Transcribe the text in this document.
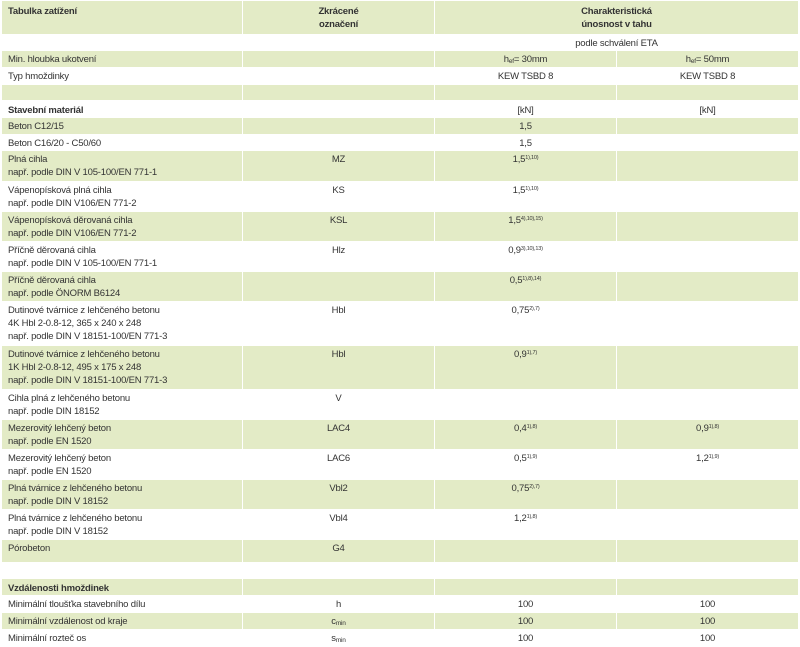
Tabulka zatížení	Zkrácené
označení	Charakteristická
únosnost v tahu	
		podle schválení ETA	
Min. hloubka ukotvení		$h_{ef}= 30mm$	$h_{ef}= 50mm$
Typ hmoždinky		KEW TSBD 8	KEW TSBD 8

Stavební materiál		[kN]	[kN]
Beton C12/15		1,5	
Beton C16/20 - C50/60		1,5	
Plná cihla
např. podle DIN V 105-100/EN 771-1	MZ	$1,5^{1),10)}$	
Vápenopísková plná cihla
např. podle DIN V106/EN 771-2	KS	$1,5^{1),10)}$	
Vápenopísková děrovaná cihla
např. podle DIN V106/EN 771-2	KSL	$1,5^{4),10),15)}$	
Příčně děrovaná cihla
např. podle DIN V 105-100/EN 771-1	Hlz	$0,9^{3),10),13)}$	
Příčně děrovaná cihla
např. podle ÖNORM B6124		$0,5^{1),8),14)}$	
Dutinové tvárnice z lehčeného betonu
4K Hbl 2-0.8-12, 365 x 240 x 248
např. podle DIN V 18151-100/EN 771-3	Hbl	$0,75^{2),7)}$	
Dutinové tvárnice z lehčeného betonu
1K Hbl 2-0.8-12, 495 x 175 x 248
např. podle DIN V 18151-100/EN 771-3	Hbl	$0,9^{1),7)}$	
Cihla plná z lehčeného betonu
např. podle DIN 18152	V		
Mezerovitý lehčený beton
např. podle EN 1520	LAC4	$0,4^{1),8)}$	$0,9^{1),8)}$
Mezerovitý lehčený beton
např. podle EN 1520	LAC6	$0,5^{1),9)}$	$1,2^{1),9)}$
Plná tvárnice z lehčeného betonu
např. podle DIN V 18152	Vbl2	$0,75^{2),7)}$	
Plná tvárnice z lehčeného betonu
např. podle DIN V 18152	Vbl4	$1,2^{1),8)}$	
Pórobeton	G4		

Vzdálenosti hmoždinek			
Minimální tloušťka stavebního dílu	h	100	100
Minimální vzdálenost od kraje	$c_{min}$	100	100
Minimální rozteč os	$s_{min}$	100	100
